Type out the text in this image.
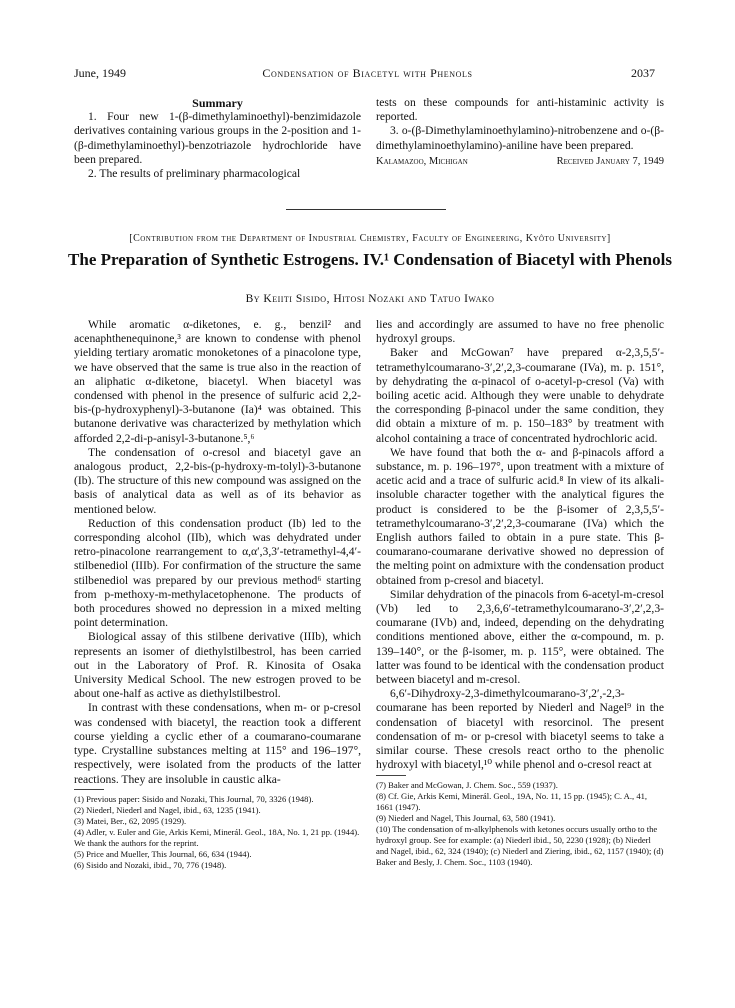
June, 1949	Condensation of Biacetyl with Phenols	2037

Summary

1. Four new 1-(β-dimethylaminoethyl)-benzimidazole derivatives containing various groups in the 2-position and 1-(β-dimethylaminoethyl)-benzotriazole hydrochloride have been prepared.

2. The results of preliminary pharmacological

tests on these compounds for anti-histaminic activity is reported.

3. o-(β-Dimethylaminoethylamino)-nitrobenzene and o-(β-dimethylaminoethylamino)-aniline have been prepared.

Kalamazoo, Michigan	Received January 7, 1949
[Contribution from the Department of Industrial Chemistry, Faculty of Engineering, Kyôto University]
The Preparation of Synthetic Estrogens. IV.¹ Condensation of Biacetyl with Phenols
By Keiiti Sisido, Hitosi Nozaki and Tatuo Iwako

While aromatic α-diketones, e. g., benzil² and acenaphthenequinone,³ are known to condense with phenol yielding tertiary aromatic monoketones of a pinacolone type, we have observed that the same is true also in the reaction of an aliphatic α-diketone, biacetyl. When biacetyl was condensed with phenol in the presence of sulfuric acid 2,2-bis-(p-hydroxyphenyl)-3-butanone (Ia)⁴ was obtained. This butanone derivative was characterized by methylation which afforded 2,2-di-p-anisyl-3-butanone.⁵,⁶

The condensation of o-cresol and biacetyl gave an analogous product, 2,2-bis-(p-hydroxy-m-tolyl)-3-butanone (Ib). The structure of this new compound was assigned on the basis of analytical data as well as of its behavior as mentioned below.

Reduction of this condensation product (Ib) led to the corresponding alcohol (IIb), which was dehydrated under retro-pinacolone rearrangement to α,α′,3,3′-tetramethyl-4,4′-stilbenediol (IIIb). For confirmation of the structure the same stilbenediol was prepared by our previous method⁶ starting from p-methoxy-m-methylacetophenone. The products of both procedures showed no depression in a mixed melting point determination.

Biological assay of this stilbene derivative (IIIb), which represents an isomer of diethylstilbestrol, has been carried out in the Laboratory of Prof. R. Kinosita of Osaka University Medical School. The new estrogen proved to be about one-half as active as diethylstilbestrol.

In contrast with these condensations, when m- or p-cresol was condensed with biacetyl, the reaction took a different course yielding a cyclic ether of a coumarano-coumarane type. Crystalline substances melting at 115° and 196–197°, respectively, were isolated from the products of the latter reactions. They are insoluble in caustic alka-

(1) Previous paper: Sisido and Nozaki, This Journal, 70, 3326 (1948).

(2) Niederl, Niederl and Nagel, ibid., 63, 1235 (1941).

(3) Matei, Ber., 62, 2095 (1929).

(4) Adler, v. Euler and Gie, Arkis Kemi, Minerál. Geol., 18A, No. 1, 21 pp. (1944). We thank the authors for the reprint.

(5) Price and Mueller, This Journal, 66, 634 (1944).

(6) Sisido and Nozaki, ibid., 70, 776 (1948).

lies and accordingly are assumed to have no free phenolic hydroxyl groups.

Baker and McGowan⁷ have prepared α-2,3,5,5′-tetramethylcoumarano-3′,2′,2,3-coumarane (IVa), m. p. 151°, by dehydrating the α-pinacol of o-acetyl-p-cresol (Va) with boiling acetic acid. Although they were unable to dehydrate the corresponding β-pinacol under the same condition, they did obtain a mixture of m. p. 150–183° by treatment with alcohol containing a trace of concentrated hydrochloric acid.

We have found that both the α- and β-pinacols afford a substance, m. p. 196–197°, upon treatment with a mixture of acetic acid and a trace of sulfuric acid.⁸ In view of its alkali-insoluble character together with the analytical figures the product is considered to be the β-isomer of 2,3,5,5′-tetramethylcoumarano-3′,2′,2,3-coumarane (IVa) which the English authors failed to obtain in a pure state. This β-coumarano-coumarane derivative showed no depression of the melting point on admixture with the condensation product obtained from p-cresol and biacetyl.

Similar dehydration of the pinacols from 6-acetyl-m-cresol (Vb) led to 2,3,6,6′-tetramethylcoumarano-3′,2′,2,3-coumarane (IVb) and, indeed, depending on the dehydrating conditions mentioned above, either the α-compound, m. p. 139–140°, or the β-isomer, m. p. 115°, were obtained. The latter was found to be identical with the condensation product between biacetyl and m-cresol.

6,6′-Dihydroxy-2,3-dimethylcoumarano-3′,2′,-2,3-coumarane has been reported by Niederl and Nagel⁹ in the condensation of biacetyl with resorcinol. The present condensation of m- or p-cresol with biacetyl seems to take a similar course. These cresols react ortho to the phenolic hydroxyl with biacetyl,¹⁰ while phenol and o-cresol react at

(7) Baker and McGowan, J. Chem. Soc., 559 (1937).

(8) Cf. Gie, Arkis Kemi, Minerál. Geol., 19A, No. 11, 15 pp. (1945); C. A., 41, 1661 (1947).

(9) Niederl and Nagel, This Journal, 63, 580 (1941).

(10) The condensation of m-alkylphenols with ketones occurs usually ortho to the hydroxyl group. See for example: (a) Niederl ibid., 50, 2230 (1928); (b) Niederl and Nagel, ibid., 62, 324 (1940); (c) Niederl and Ziering, ibid., 62, 1157 (1940); (d) Baker and Besly, J. Chem. Soc., 1103 (1940).
